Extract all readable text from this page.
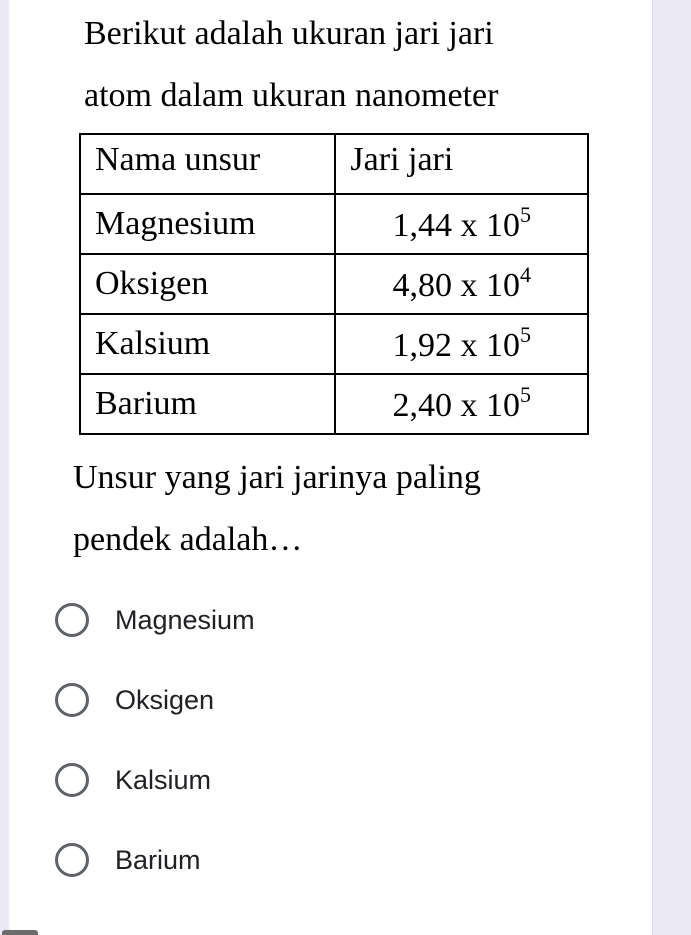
Berikut adalah ukuran jari jari
atom dalam ukuran nanometer
Nama unsur	Jari jari
Magnesium	1,44 x $10^5$
Oksigen	4,80 x $10^4$
Kalsium	1,92 x $10^5$
Barium	2,40 x $10^5$
Unsur yang jari jarinya paling
pendek adalah…
Magnesium
Oksigen
Kalsium
Barium
